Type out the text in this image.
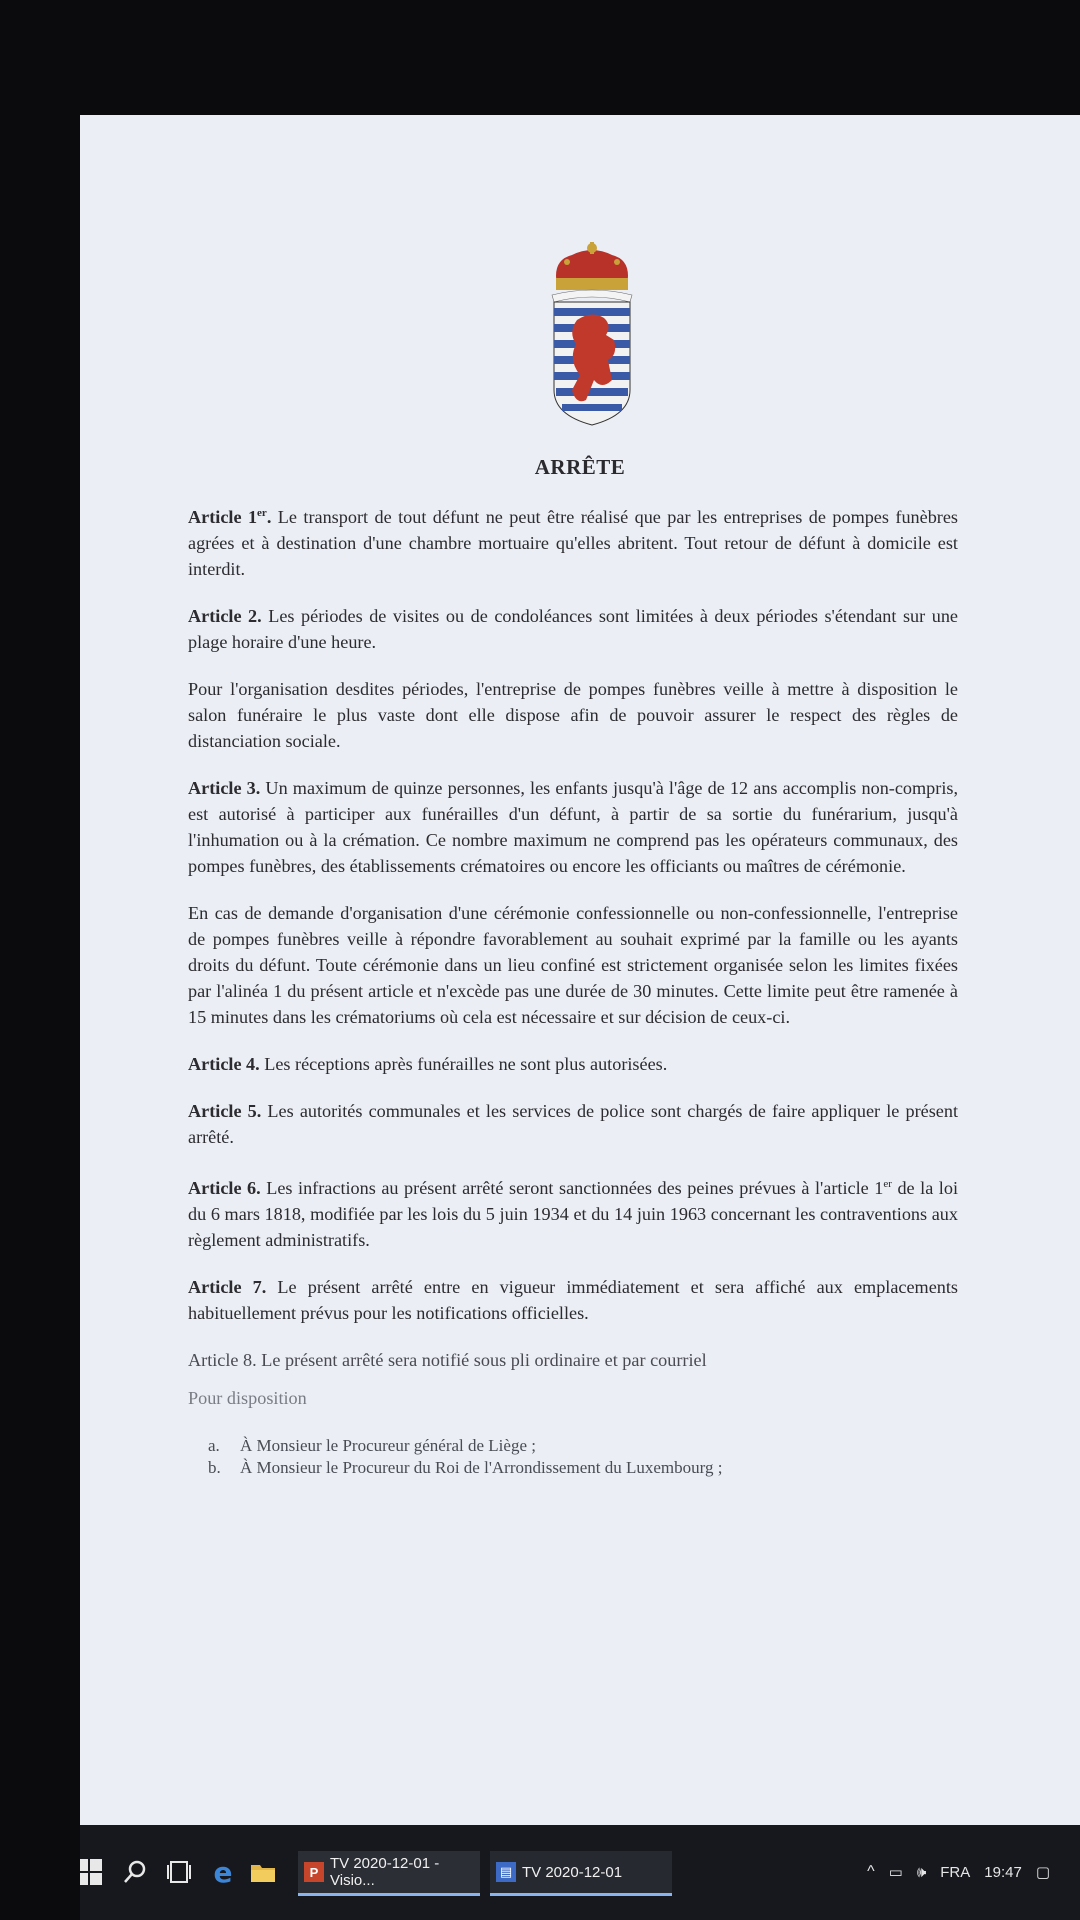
ARRÊTE

Article 1er. Le transport de tout défunt ne peut être réalisé que par les entreprises de pompes funèbres agrées et à destination d'une chambre mortuaire qu'elles abritent. Tout retour de défunt à domicile est interdit.

Article 2. Les périodes de visites ou de condoléances sont limitées à deux périodes s'étendant sur une plage horaire d'une heure.

Pour l'organisation desdites périodes, l'entreprise de pompes funèbres veille à mettre à disposition le salon funéraire le plus vaste dont elle dispose afin de pouvoir assurer le respect des règles de distanciation sociale.

Article 3. Un maximum de quinze personnes, les enfants jusqu'à l'âge de 12 ans accomplis non-compris, est autorisé à participer aux funérailles d'un défunt, à partir de sa sortie du funérarium, jusqu'à l'inhumation ou à la crémation. Ce nombre maximum ne comprend pas les opérateurs communaux, des pompes funèbres, des établissements crématoires ou encore les officiants ou maîtres de cérémonie.

En cas de demande d'organisation d'une cérémonie confessionnelle ou non-confessionnelle, l'entreprise de pompes funèbres veille à répondre favorablement au souhait exprimé par la famille ou les ayants droits du défunt. Toute cérémonie dans un lieu confiné est strictement organisée selon les limites fixées par l'alinéa 1 du présent article et n'excède pas une durée de 30 minutes. Cette limite peut être ramenée à 15 minutes dans les crématoriums où cela est nécessaire et sur décision de ceux-ci.

Article 4. Les réceptions après funérailles ne sont plus autorisées.

Article 5. Les autorités communales et les services de police sont chargés de faire appliquer le présent arrêté.

Article 6. Les infractions au présent arrêté seront sanctionnées des peines prévues à l'article 1er de la loi du 6 mars 1818, modifiée par les lois du 5 juin 1934 et du 14 juin 1963 concernant les contraventions aux règlement administratifs.

Article 7. Le présent arrêté entre en vigueur immédiatement et sera affiché aux emplacements habituellement prévus pour les notifications officielles.

Article 8. Le présent arrêté sera notifié sous pli ordinaire et par courriel

Pour disposition

a.	À Monsieur le Procureur général de Liège ;
b.	À Monsieur le Procureur du Roi de l'Arrondissement du Luxembourg ;
e	P TV 2020-12-01 - Visio...
▤ TV 2020-12-01	^ ▭ 🕪 FRA 19:47 ▢
